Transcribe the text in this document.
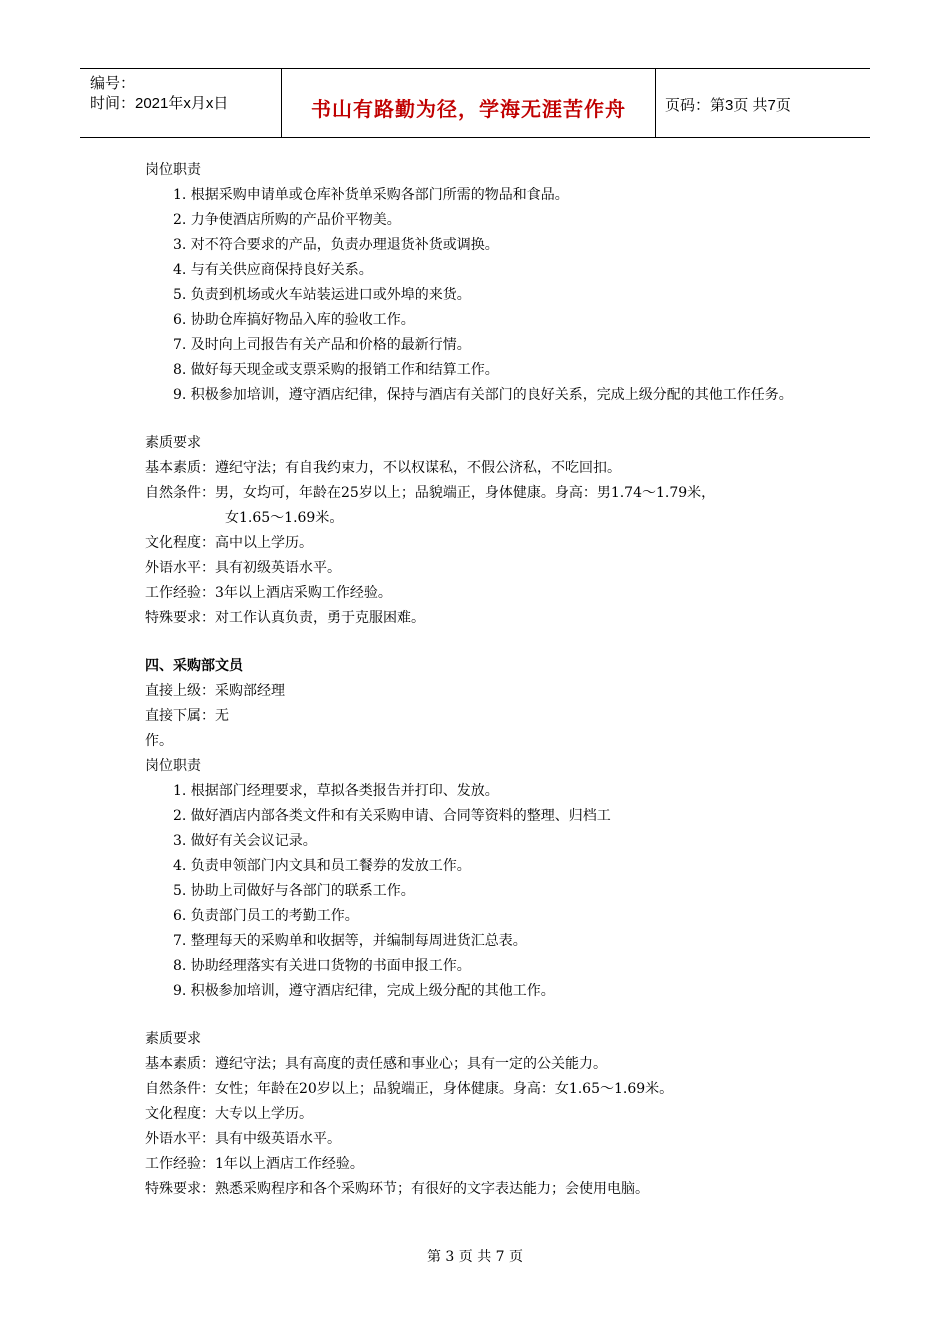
编号：
时间：2021年x月x日	书山有路勤为径，学海无涯苦作舟	页码：第3页 共7页
岗位职责
1. 根据采购申请单或仓库补货单采购各部门所需的物品和食品。
2. 力争使酒店所购的产品价平物美。
3. 对不符合要求的产品，负责办理退货补货或调换。
4. 与有关供应商保持良好关系。
5. 负责到机场或火车站装运进口或外埠的来货。
6. 协助仓库搞好物品入库的验收工作。
7. 及时向上司报告有关产品和价格的最新行情。
8. 做好每天现金或支票采购的报销工作和结算工作。
9. 积极参加培训，遵守酒店纪律，保持与酒店有关部门的良好关系，完成上级分配的其他工作任务。
素质要求
基本素质：遵纪守法；有自我约束力，不以权谋私，不假公济私，不吃回扣。
自然条件：男，女均可，年龄在25岁以上；品貌端正，身体健康。身高：男1.74～1.79米，
女1.65～1.69米。
文化程度：高中以上学历。
外语水平：具有初级英语水平。
工作经验：3年以上酒店采购工作经验。
特殊要求：对工作认真负责，勇于克服困难。
四、采购部文员
直接上级：采购部经理
直接下属：无
作。
岗位职责
1. 根据部门经理要求，草拟各类报告并打印、发放。
2. 做好酒店内部各类文件和有关采购申请、合同等资料的整理、归档工
3. 做好有关会议记录。
4. 负责申领部门内文具和员工餐券的发放工作。
5. 协助上司做好与各部门的联系工作。
6. 负责部门员工的考勤工作。
7. 整理每天的采购单和收据等，并编制每周进货汇总表。
8. 协助经理落实有关进口货物的书面申报工作。
9. 积极参加培训，遵守酒店纪律，完成上级分配的其他工作。
素质要求
基本素质：遵纪守法；具有高度的责任感和事业心；具有一定的公关能力。
自然条件：女性；年龄在20岁以上；品貌端正，身体健康。身高：女1.65～1.69米。
文化程度：大专以上学历。
外语水平：具有中级英语水平。
工作经验：1年以上酒店工作经验。
特殊要求：熟悉采购程序和各个采购环节；有很好的文字表达能力；会使用电脑。
第 3 页 共 7 页
